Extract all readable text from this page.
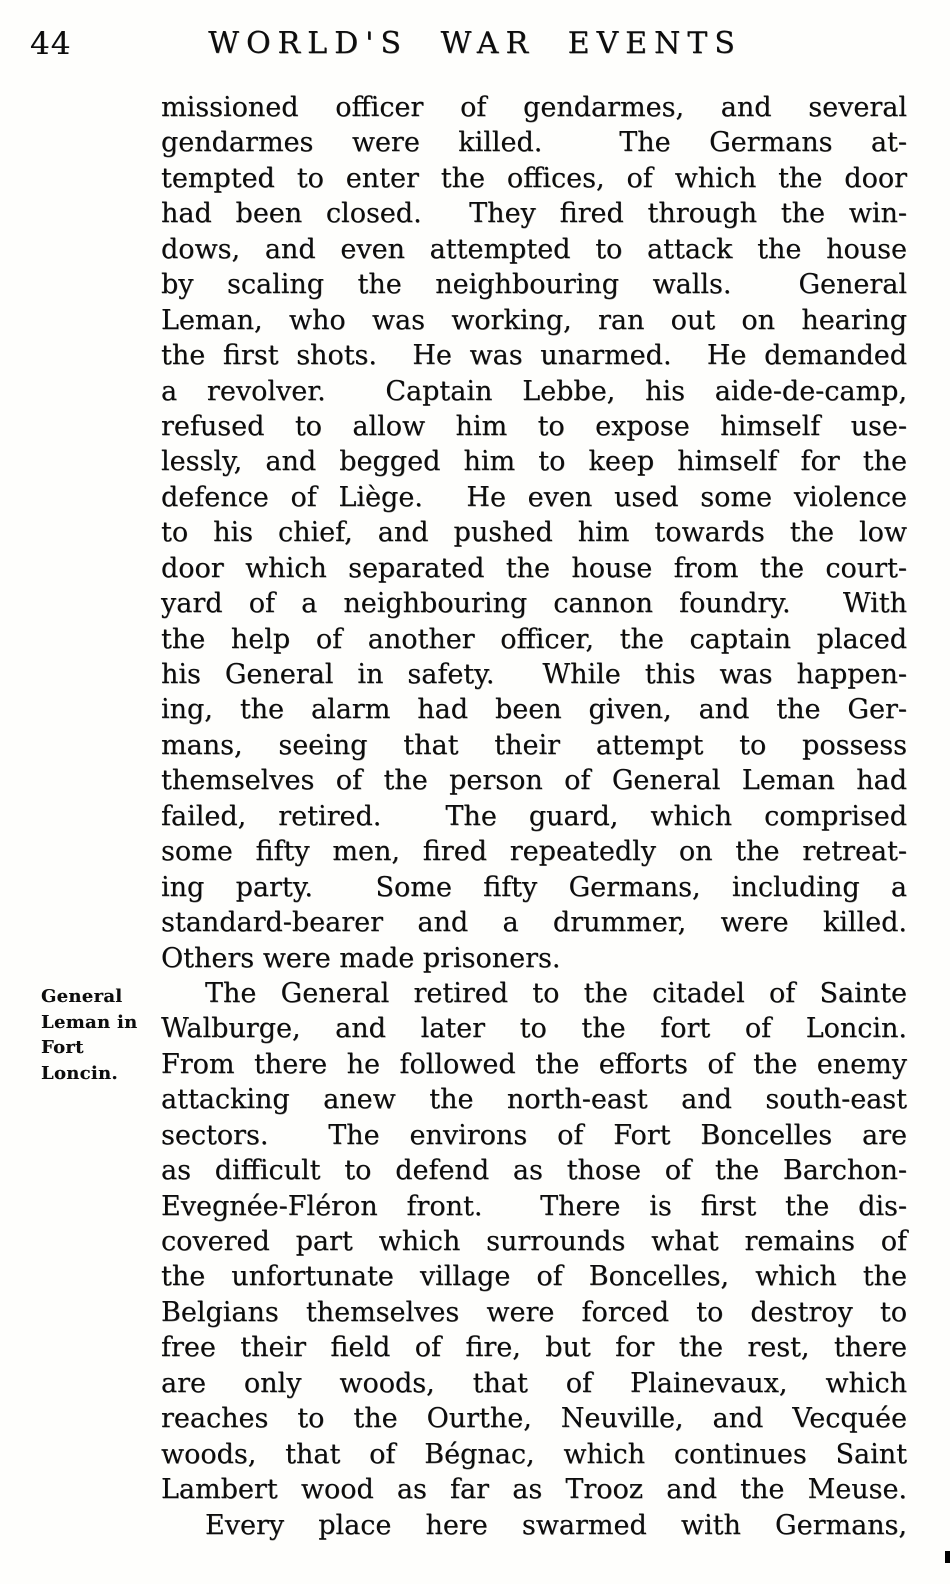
44	WORLD'S WAR EVENTS
General
Leman in
Fort
Loncin.
missioned officer of gendarmes, and several
gendarmes were killed.  The Germans at-
tempted to enter the offices, of which the door
had been closed.  They fired through the win-
dows, and even attempted to attack the house
by scaling the neighbouring walls.  General
Leman, who was working, ran out on hearing
the first shots.  He was unarmed.  He demanded
a revolver.  Captain Lebbe, his aide-de-camp,
refused to allow him to expose himself use-
lessly, and begged him to keep himself for the
defence of Liège.  He even used some violence
to his chief, and pushed him towards the low
door which separated the house from the court-
yard of a neighbouring cannon foundry.  With
the help of another officer, the captain placed
his General in safety.  While this was happen-
ing, the alarm had been given, and the Ger-
mans, seeing that their attempt to possess
themselves of the person of General Leman had
failed, retired.  The guard, which comprised
some fifty men, fired repeatedly on the retreat-
ing party.  Some fifty Germans, including a
standard-bearer and a drummer, were killed.
Others were made prisoners.
The General retired to the citadel of Sainte
Walburge, and later to the fort of Loncin.
From there he followed the efforts of the enemy
attacking anew the north-east and south-east
sectors.  The environs of Fort Boncelles are
as difficult to defend as those of the Barchon-
Evegnée-Fléron front.  There is first the dis-
covered part which surrounds what remains of
the unfortunate village of Boncelles, which the
Belgians themselves were forced to destroy to
free their field of fire, but for the rest, there
are only woods, that of Plainevaux, which
reaches to the Ourthe, Neuville, and Vecquée
woods, that of Bégnac, which continues Saint
Lambert wood as far as Trooz and the Meuse.
Every place here swarmed with Germans,
